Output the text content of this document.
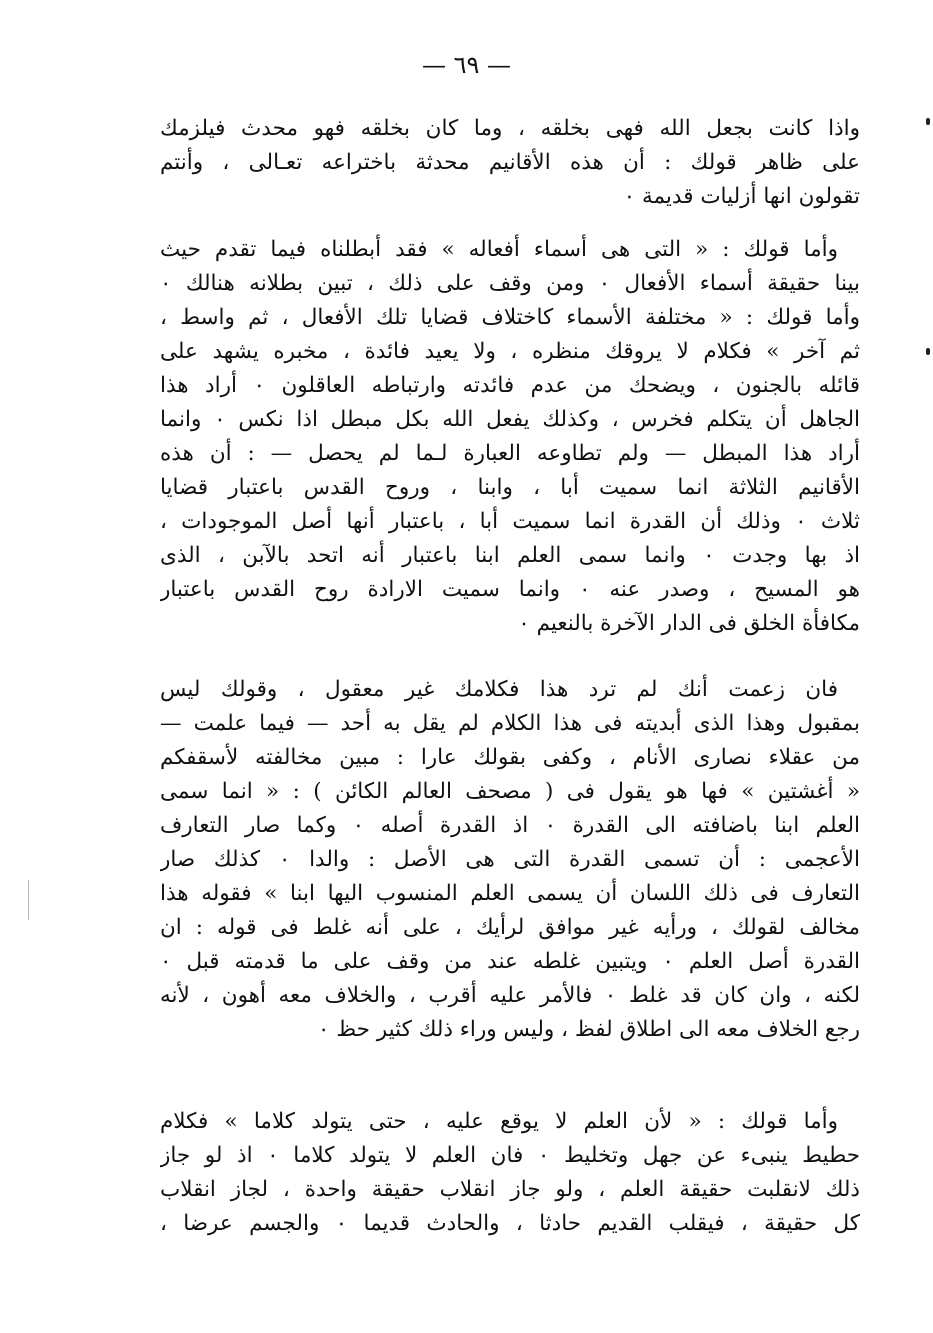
— ٦٩ —
واذا كانت بجعل الله فهى بخلقه ، وما كان بخلقه فهو محدث فيلزمك
على ظاهر قولك : أن هذه الأقانيم محدثة باختراعه تعـالى ، وأنتم
تقولون انها أزليات قديمة ٠
وأما قولك : « التى هى أسماء أفعاله » فقد أبطلناه فيما تقدم حيث
بينا حقيقة أسماء الأفعال ٠ ومن وقف على ذلك ، تبين بطلانه هنالك ٠
وأما قولك : « مختلفة الأسماء كاختلاف قضايا تلك الأفعال ، ثم واسط ،
ثم آخر » فكلام لا يروقك منظره ، ولا يعيد فائدة ، مخبره يشهد على
قائله بالجنون ، ويضحك من عدم فائدته وارتباطه العاقلون ٠ أراد هذا
الجاهل أن يتكلم فخرس ، وكذلك يفعل الله بكل مبطل اذا نكس ٠ وانما
أراد هذا المبطل — ولم تطاوعه العبارة لـما لم يحصل — : أن هذه
الأقانيم الثلاثة انما سميت أبا ، وابنا ، وروح القدس باعتبار قضايا
ثلاث ٠ وذلك أن القدرة انما سميت أبا ، باعتبار أنها أصل الموجودات ،
اذ بها وجدت ٠ وانما سمى العلم ابنا باعتبار أنه اتحد بالآبن ، الذى
هو المسيح ، وصدر عنه ٠ وانما سميت الارادة روح القدس باعتبار
مكافأة الخلق فى الدار الآخرة بالنعيم ٠
فان زعمت أنك لم ترد هذا فكلامك غير معقول ، وقولك ليس
بمقبول وهذا الذى أبديته فى هذا الكلام لم يقل به أحد — فيما علمت —
من عقلاء نصارى الأنام ، وكفى بقولك عارا : مبين مخالفته لأسقفكم
« أغشتين » فها هو يقول فى ( مصحف العالم الكائن ) : « انما سمى
العلم ابنا باضافته الى القدرة ٠ اذ القدرة أصله ٠ وكما صار التعارف
الأعجمى : أن تسمى القدرة التى هى الأصل : والدا ٠ كذلك صار
التعارف فى ذلك اللسان أن يسمى العلم المنسوب اليها ابنا » فقوله هذا
مخالف لقولك ، ورأيه غير موافق لرأيك ، على أنه غلط فى قوله : ان
القدرة أصل العلم ٠ ويتبين غلطه عند من وقف على ما قدمته قبل ٠
لكنه ، وان كان قد غلط ٠ فالأمر عليه أقرب ، والخلاف معه أهون ، لأنه
رجع الخلاف معه الى اطلاق لفظ ، وليس وراء ذلك كثير حظ ٠
وأما قولك : « لأن العلم لا يوقع عليه ، حتى يتولد كلاما » فكلام
حطيط ينبىء عن جهل وتخليط ٠ فان العلم لا يتولد كلاما ٠ اذ لو جاز
ذلك لانقلبت حقيقة العلم ، ولو جاز انقلاب حقيقة واحدة ، لجاز انقلاب
كل حقيقة ، فيقلب القديم حادثا ، والحادث قديما ٠ والجسم عرضا ،
